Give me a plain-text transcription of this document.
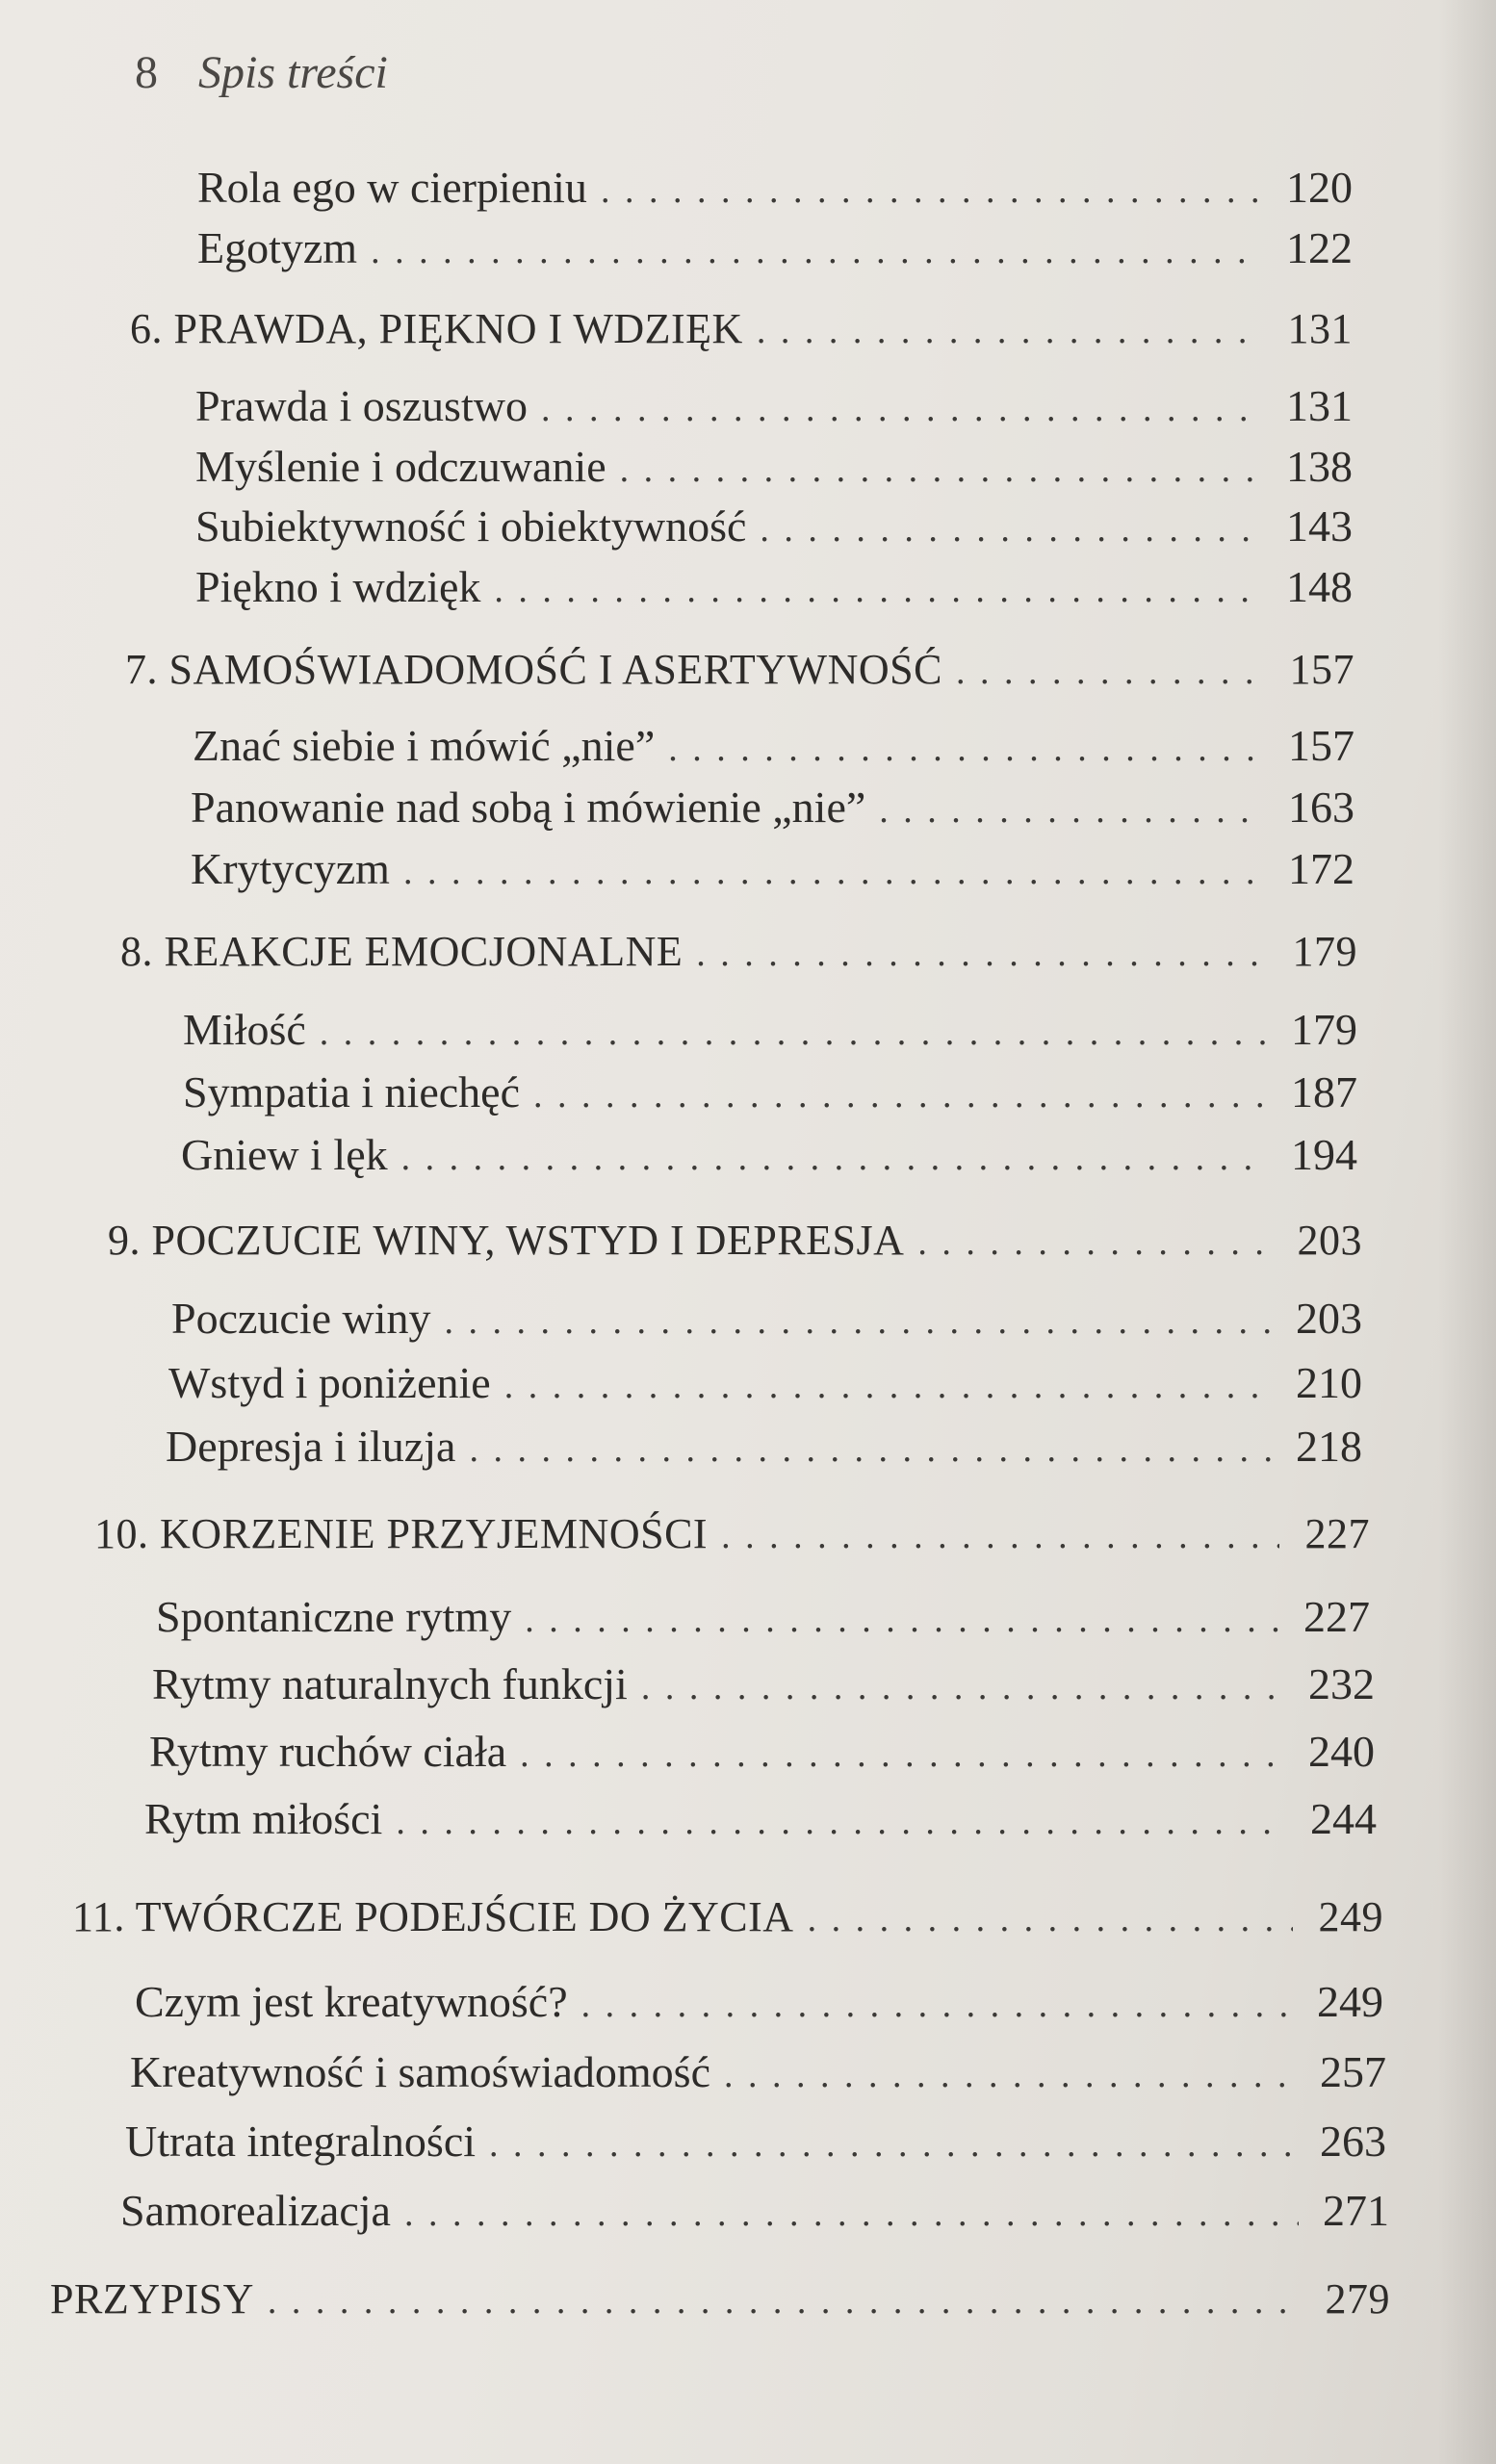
8 Spis treści
Rola ego w cierpieniu . . .	120
Egotyzm . . .	122
6. PRAWDA, PIĘKNO I WDZIĘK . . .	131
Prawda i oszustwo . . .	131
Myślenie i odczuwanie . . .	138
Subiektywność i obiektywność . . .	143
Piękno i wdzięk . . .	148
7. SAMOŚWIADOMOŚĆ I ASERTYWNOŚĆ . . .	157
Znać siebie i mówić „nie” . . .	157
Panowanie nad sobą i mówienie „nie” . . .	163
Krytycyzm . . .	172
8. REAKCJE EMOCJONALNE . . .	179
Miłość . . .	179
Sympatia i niechęć . . .	187
Gniew i lęk . . .	194
9. POCZUCIE WINY, WSTYD I DEPRESJA . . .	203
Poczucie winy . . .	203
Wstyd i poniżenie . . .	210
Depresja i iluzja . . .	218
10. KORZENIE PRZYJEMNOŚCI . . .	227
Spontaniczne rytmy . . .	227
Rytmy naturalnych funkcji . . .	232
Rytmy ruchów ciała . . .	240
Rytm miłości . . .	244
11. TWÓRCZE PODEJŚCIE DO ŻYCIA . . .	249
Czym jest kreatywność? . . .	249
Kreatywność i samoświadomość . . .	257
Utrata integralności . . .	263
Samorealizacja . . .	271
PRZYPISY . . .	279
